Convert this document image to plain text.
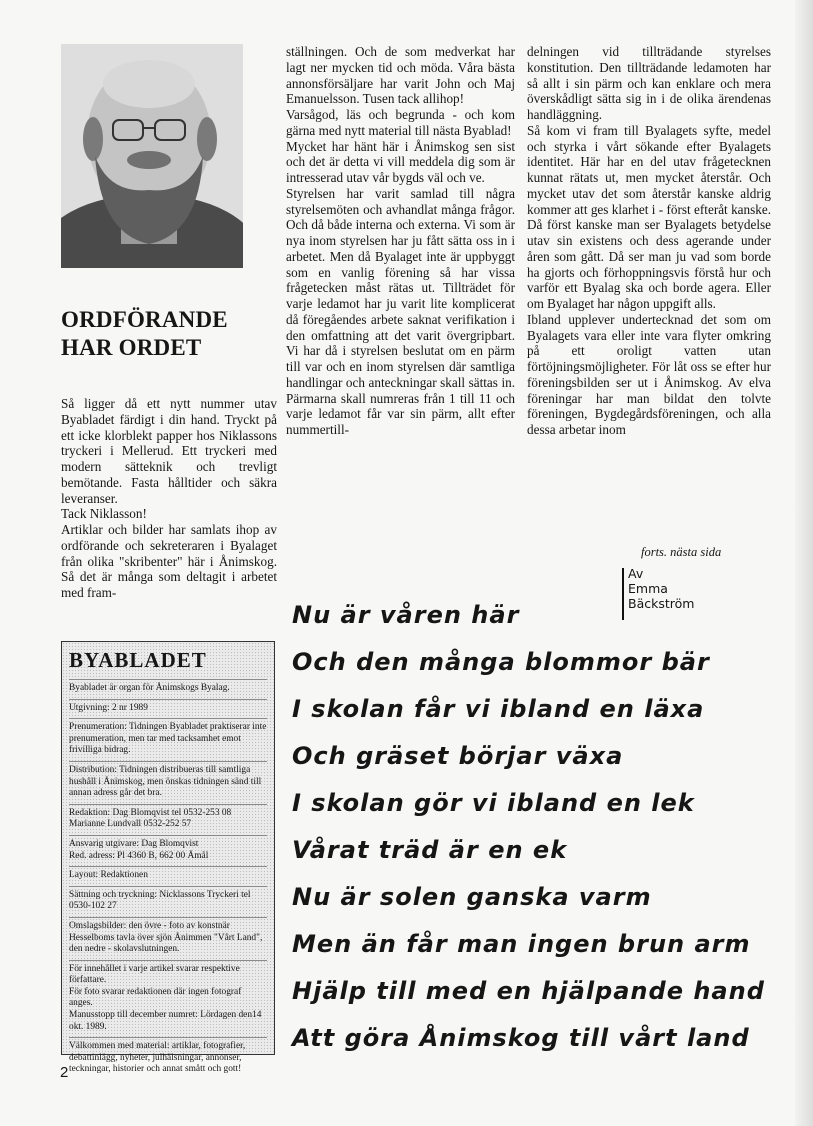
ORDFÖRANDE
HAR ORDET

Så ligger då ett nytt nummer utav Byabladet färdigt i din hand. Tryckt på ett icke klorblekt papper hos Niklassons tryckeri i Mellerud. Ett tryckeri med modern sätteknik och trevligt bemötande. Fasta hålltider och säkra leveranser.

Tack Niklasson!

Artiklar och bilder har samlats ihop av ordförande och sekreteraren i Byalaget från olika "skribenter" här i Ånimskog. Så det är många som deltagit i arbetet med fram-

ställningen. Och de som medverkat har lagt ner mycken tid och möda. Våra bästa annonsförsäljare har varit John och Maj Emanuelsson. Tusen tack allihop!

Varsågod, läs och begrunda - och kom gärna med nytt material till nästa Byablad!

Mycket har hänt här i Ånimskog sen sist och det är detta vi vill meddela dig som är intresserad utav vår bygds väl och ve.

Styrelsen har varit samlad till några styrelsemöten och avhandlat många frågor. Och då både interna och externa. Vi som är nya inom styrelsen har ju fått sätta oss in i arbetet. Men då Byalaget inte är uppbyggt som en vanlig förening så har vissa frågetecken måst rätas ut. Tillträdet för varje ledamot har ju varit lite komplicerat då föregåendes arbete saknat verifikation i den omfattning att det varit övergripbart. Vi har då i styrelsen beslutat om en pärm till var och en inom styrelsen där samtliga handlingar och anteckningar skall sättas in. Pärmarna skall numreras från 1 till 11 och varje ledamot får var sin pärm, allt efter nummertill-

delningen vid tillträdande styrelses konstitution. Den tillträdande ledamoten har så allt i sin pärm och kan enklare och mera överskådligt sätta sig in i de olika ärendenas handläggning.

Så kom vi fram till Byalagets syfte, medel och styrka i vårt sökande efter Byalagets identitet. Här har en del utav frågetecknen kunnat rätats ut, men mycket återstår. Och mycket utav det som återstår kanske aldrig kommer att ges klarhet i - först efteråt kanske. Då först kanske man ser Byalagets betydelse utav sin existens och dess agerande under åren som gått. Då ser man ju vad som borde ha gjorts och förhoppningsvis förstå hur och varför ett Byalag ska och borde agera. Eller om Byalaget har någon uppgift alls.

Ibland upplever undertecknad det som om Byalagets vara eller inte vara flyter omkring på ett oroligt vatten utan förtöjningsmöjligheter. För låt oss se efter hur föreningsbilden ser ut i Ånimskog. Av elva föreningar har man bildat den tolvte föreningen, Bygdegårdsföreningen, och alla dessa arbetar inom

forts. nästa sida
BYABLADET
Byabladet är organ för Ånimskogs Byalag.
Utgivning: 2 nr 1989
Prenumeration: Tidningen Byabladet praktiserar inte prenumeration, men tar med tacksamhet emot frivilliga bidrag.
Distribution: Tidningen distribueras till samtliga hushåll i Ånimskog, men önskas tidningen sänd till annan adress går det bra.
Redaktion: Dag Blomqvist tel 0532-253 08
Marianne Lundvall 0532-252 57
Ansvarig utgivare: Dag Blomqvist
Red. adress: Pl 4360 B, 662 00 Åmål
Layout: Redaktionen
Sättning och tryckning: Nicklassons Tryckeri tel 0530-102 27
Omslagsbilder: den övre - foto av konstnär Hesselboms tavla över sjön Ånimmen "Vårt Land", den nedre - skolavslutningen.
För innehållet i varje artikel svarar respektive författare.
För foto svarar redaktionen där ingen fotograf anges.
Manusstopp till december numret: Lördagen den14 okt. 1989.
Välkommen med material: artiklar, fotografier, debattinlägg, nyheter, julhälsningar, annonser, teckningar, historier och annat smått och gott!
Av
Emma
Bäckström

Nu är våren här

Och den många blommor bär

I skolan får vi ibland en läxa

Och gräset börjar växa

I skolan gör vi ibland en lek

Vårat träd är en ek

Nu är solen ganska varm

Men än får man ingen brun arm

Hjälp till med en hjälpande hand

Att göra Ånimskog till vårt land

2
